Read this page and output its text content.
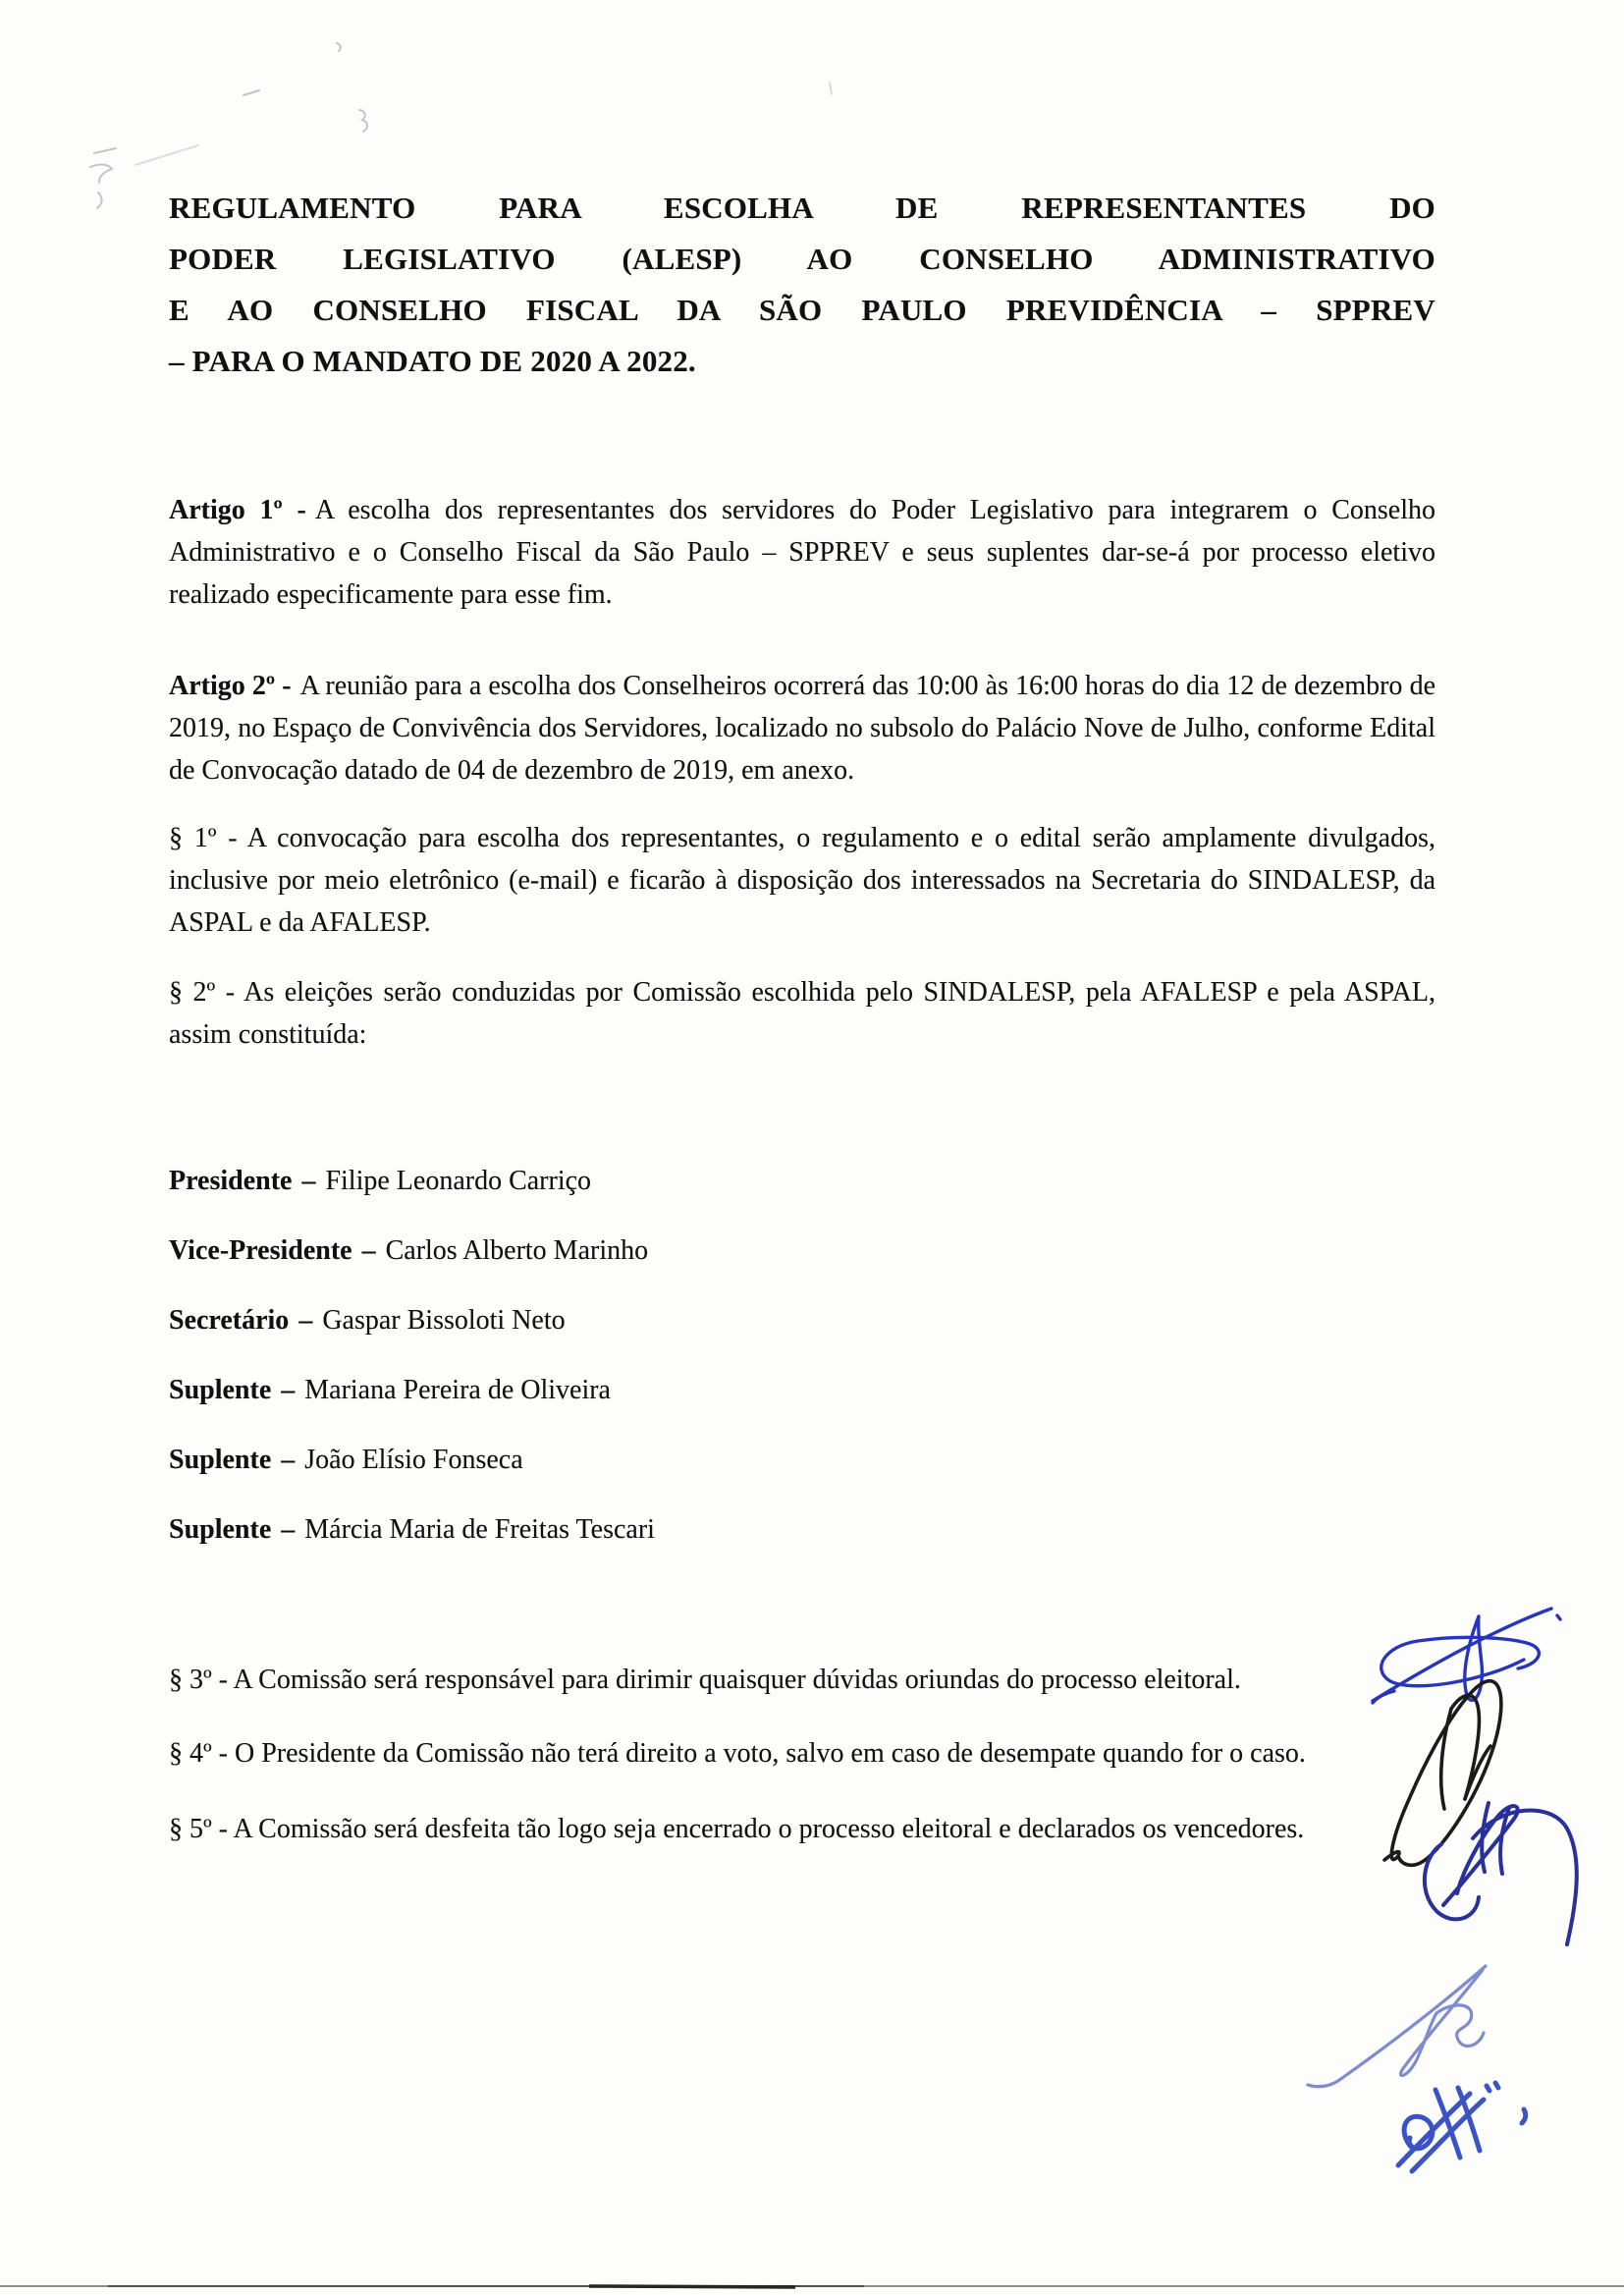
REGULAMENTO PARA ESCOLHA DE REPRESENTANTES DO
PODER LEGISLATIVO (ALESP) AO CONSELHO ADMINISTRATIVO
E AO CONSELHO FISCAL DA SÃO PAULO PREVIDÊNCIA – SPPREV
– PARA O MANDATO DE 2020 A 2022.

Artigo 1º - A escolha dos representantes dos servidores do Poder Legislativo para integrarem o Conselho Administrativo e o Conselho Fiscal da São Paulo – SPPREV e seus suplentes dar-se-á por processo eletivo realizado especificamente para esse fim.

Artigo 2º - A reunião para a escolha dos Conselheiros ocorrerá das 10:00 às 16:00 horas do dia 12 de dezembro de 2019, no Espaço de Convivência dos Servidores, localizado no subsolo do Palácio Nove de Julho, conforme Edital de Convocação datado de 04 de dezembro de 2019, em anexo.

§ 1º - A convocação para escolha dos representantes, o regulamento e o edital serão amplamente divulgados, inclusive por meio eletrônico (e-mail) e ficarão à disposição dos interessados na Secretaria do SINDALESP, da ASPAL e da AFALESP.

§ 2º - As eleições serão conduzidas por Comissão escolhida pelo SINDALESP, pela AFALESP e pela ASPAL, assim constituída:

Presidente – Filipe Leonardo Carriço

Vice-Presidente – Carlos Alberto Marinho

Secretário – Gaspar Bissoloti Neto

Suplente – Mariana Pereira de Oliveira

Suplente – João Elísio Fonseca

Suplente – Márcia Maria de Freitas Tescari

§ 3º - A Comissão será responsável para dirimir quaisquer dúvidas oriundas do processo eleitoral.

§ 4º - O Presidente da Comissão não terá direito a voto, salvo em caso de desempate quando for o caso.

§ 5º - A Comissão será desfeita tão logo seja encerrado o processo eleitoral e declarados os vencedores.
